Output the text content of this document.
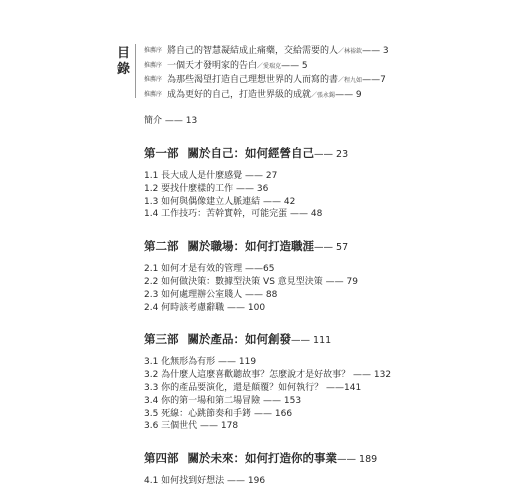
目
錄
推薦序 將自己的智慧凝結成止痛藥，交給需要的人／林裕欽—— 3
推薦序 一個天才發明家的告白／愛瑞克—— 5
推薦序 為那些渴望打造自己理想世界的人而寫的書／程九如——7
推薦序 成為更好的自己，打造世界級的成就／張永錫—— 9
簡介 —— 13
第一部 關於自己：如何經營自己—— 23
1.1 長大成人是什麼感覺 —— 27
1.2 要找什麼樣的工作 —— 36
1.3 如何與偶像建立人脈連結 —— 42
1.4 工作技巧：苦幹實幹，可能完蛋 —— 48
第二部 關於職場：如何打造職涯—— 57
2.1 如何才是有效的管理 ——65
2.2 如何做決策：數據型決策 VS 意見型決策 —— 79
2.3 如何處理辦公室賤人 —— 88
2.4 何時該考慮辭職 —— 100
第三部 關於產品：如何創發—— 111
3.1 化無形為有形 —— 119
3.2 為什麼人這麼喜歡聽故事？怎麼說才是好故事？ —— 132
3.3 你的產品要演化，還是顛覆？如何執行？ ——141
3.4 你的第一場和第二場冒險 —— 153
3.5 死線：心跳節奏和手銬 —— 166
3.6 三個世代 —— 178
第四部 關於未來：如何打造你的事業—— 189
4.1 如何找到好想法 —— 196
